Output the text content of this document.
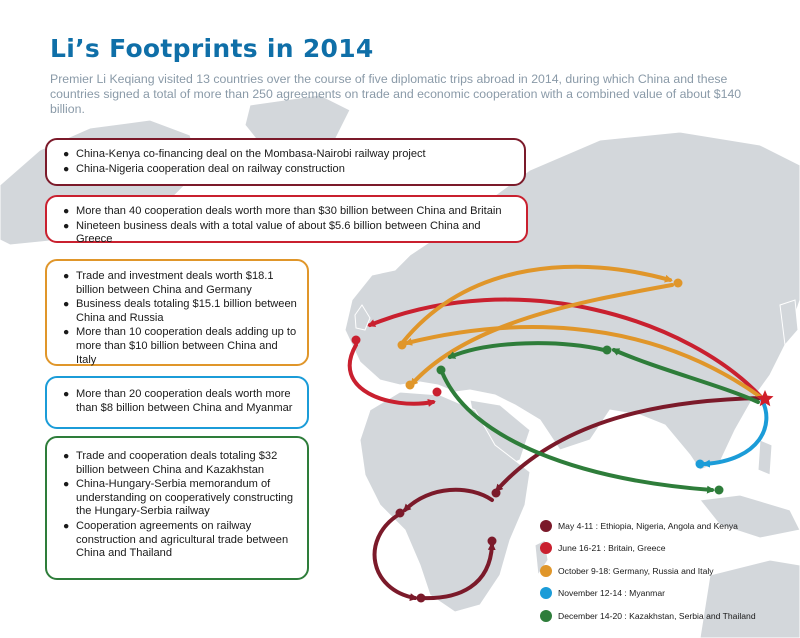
Li’s Footprints in 2014
Premier Li Keqiang visited 13 countries over the course of five diplomatic trips abroad in 2014, during which China and these countries signed a total of more than 250 agreements on trade and economic cooperation with a combined value of about $140 billion.
● China-Kenya co-financing deal on the Mombasa-Nairobi railway project
● China-Nigeria cooperation deal on railway construction
● More than 40 cooperation deals worth more than $30 billion between China and Britain
● Nineteen business deals with a total value of about $5.6 billion between China and Greece
● Trade and investment deals worth $18.1 billion between China and Germany
● Business deals totaling $15.1 billion between China and Russia
● More than 10 cooperation deals adding up to more than $10 billion between China and Italy
● More than 20 cooperation deals worth more than $8 billion between China and Myanmar
● Trade and cooperation deals totaling $32 billion between China and Kazakhstan
● China-Hungary-Serbia memorandum of understanding on cooperatively constructing the Hungary-Serbia railway
● Cooperation agreements on railway construction and agricultural trade between China and Thailand
May 4-11 : Ethiopia, Nigeria, Angola and Kenya
June 16-21 : Britain, Greece
October 9-18: Germany, Russia and Italy
November 12-14 : Myanmar
December 14-20 : Kazakhstan, Serbia and Thailand
